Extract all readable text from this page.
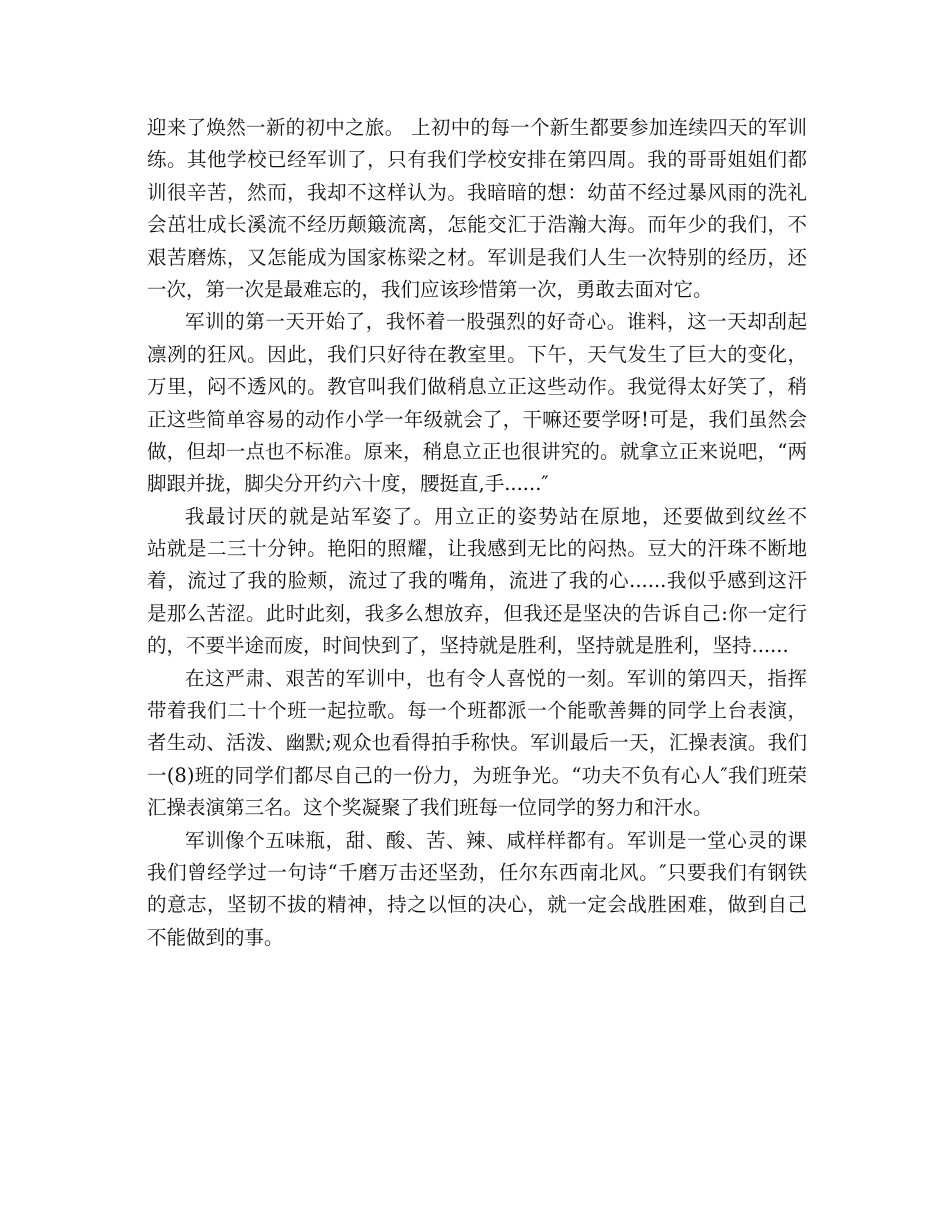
迎来了焕然一新的初中之旅。 上初中的每一个新生都要参加连续四天的军训
练。其他学校已经军训了，只有我们学校安排在第四周。我的哥哥姐姐们都
训很辛苦，然而，我却不这样认为。我暗暗的想：幼苗不经过暴风雨的洗礼
会茁壮成长溪流不经历颠簸流离，怎能交汇于浩瀚大海。而年少的我们，不
艰苦磨炼，又怎能成为国家栋梁之材。军训是我们人生一次特别的经历，还
一次，第一次是最难忘的，我们应该珍惜第一次，勇敢去面对它。
军训的第一天开始了，我怀着一股强烈的好奇心。谁料，这一天却刮起
凛冽的狂风。因此，我们只好待在教室里。下午，天气发生了巨大的变化，
万里，闷不透风的。教官叫我们做稍息立正这些动作。我觉得太好笑了，稍
正这些简单容易的动作小学一年级就会了，干嘛还要学呀!可是，我们虽然会
做，但却一点也不标准。原来，稍息立正也很讲究的。就拿立正来说吧，“两
脚跟并拢，脚尖分开约六十度，腰挺直,手......″
我最讨厌的就是站军姿了。用立正的姿势站在原地，还要做到纹丝不
站就是二三十分钟。艳阳的照耀，让我感到无比的闷热。豆大的汗珠不断地
着，流过了我的脸颊，流过了我的嘴角，流进了我的心......我似乎感到这汗
是那么苦涩。此时此刻，我多么想放弃，但我还是坚决的告诉自己:你一定行
的，不要半途而废，时间快到了，坚持就是胜利，坚持就是胜利，坚持......
在这严肃、艰苦的军训中，也有令人喜悦的一刻。军训的第四天，指挥
带着我们二十个班一起拉歌。每一个班都派一个能歌善舞的同学上台表演，
者生动、活泼、幽默;观众也看得拍手称快。军训最后一天，汇操表演。我们
一(8)班的同学们都尽自己的一份力，为班争光。“功夫不负有心人″我们班荣
汇操表演第三名。这个奖凝聚了我们班每一位同学的努力和汗水。
军训像个五味瓶，甜、酸、苦、辣、咸样样都有。军训是一堂心灵的课
我们曾经学过一句诗“千磨万击还坚劲，任尔东西南北风。″只要我们有钢铁
的意志，坚韧不拔的精神，持之以恒的决心，就一定会战胜困难，做到自己
不能做到的事。
